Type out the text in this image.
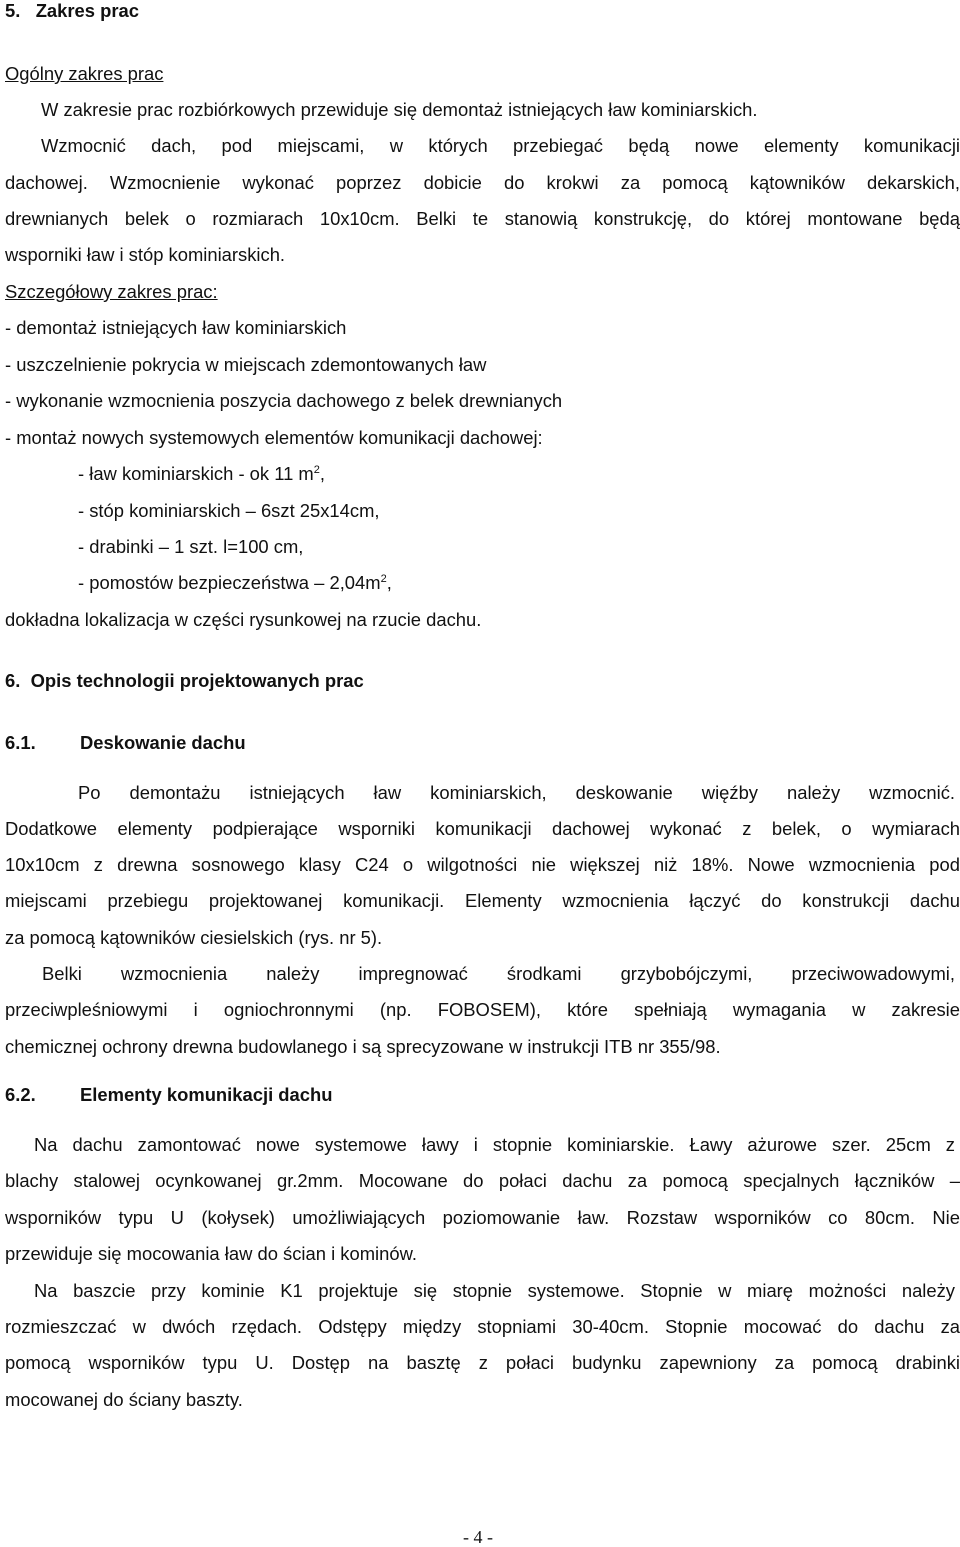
5. Zakres prac
Ogólny zakres prac
W zakresie prac rozbiórkowych przewiduje się demontaż istniejących ław kominiarskich.
Wzmocnić dach, pod miejscami, w których przebiegać będą nowe elementy komunikacji
dachowej. Wzmocnienie wykonać poprzez dobicie do krokwi za pomocą kątowników dekarskich,
drewnianych belek o rozmiarach 10x10cm. Belki te stanowią konstrukcję, do której montowane będą
wsporniki ław i stóp kominiarskich.
Szczegółowy zakres prac:
- demontaż istniejących ław kominiarskich
- uszczelnienie pokrycia w miejscach zdemontowanych ław
- wykonanie wzmocnienia poszycia dachowego z belek drewnianych
- montaż nowych systemowych elementów komunikacji dachowej:
- ław kominiarskich - ok 11 $m^2$,
- stóp kominiarskich – 6szt 25x14cm,
- drabinki – 1 szt. l=100 cm,
- pomostów bezpieczeństwa – $2,04m^2$,
dokładna lokalizacja w części rysunkowej na rzucie dachu.
6. Opis technologii projektowanych prac
6.1. Deskowanie dachu
Po demontażu istniejących ław kominiarskich, deskowanie więźby należy wzmocnić.
Dodatkowe elementy podpierające wsporniki komunikacji dachowej wykonać z belek, o wymiarach
10x10cm z drewna sosnowego klasy C24 o wilgotności nie większej niż 18%. Nowe wzmocnienia pod
miejscami przebiegu projektowanej komunikacji. Elementy wzmocnienia łączyć do konstrukcji dachu
za pomocą kątowników ciesielskich (rys. nr 5).
Belki wzmocnienia należy impregnować środkami grzybobójczymi, przeciwowadowymi,
przeciwpleśniowymi i ogniochronnymi (np. FOBOSEM), które spełniają wymagania w zakresie
chemicznej ochrony drewna budowlanego i są sprecyzowane w instrukcji ITB nr 355/98.
6.2. Elementy komunikacji dachu
Na dachu zamontować nowe systemowe ławy i stopnie kominiarskie. Ławy ażurowe szer. 25cm z
blachy stalowej ocynkowanej gr.2mm. Mocowane do połaci dachu za pomocą specjalnych łączników –
wsporników typu U (kołysek) umożliwiających poziomowanie ław. Rozstaw wsporników co 80cm. Nie
przewiduje się mocowania ław do ścian i kominów.
Na baszcie przy kominie K1 projektuje się stopnie systemowe. Stopnie w miarę możności należy
rozmieszczać w dwóch rzędach. Odstępy między stopniami 30-40cm. Stopnie mocować do dachu za
pomocą wsporników typu U. Dostęp na basztę z połaci budynku zapewniony za pomocą drabinki
mocowanej do ściany baszty.
- 4 -
